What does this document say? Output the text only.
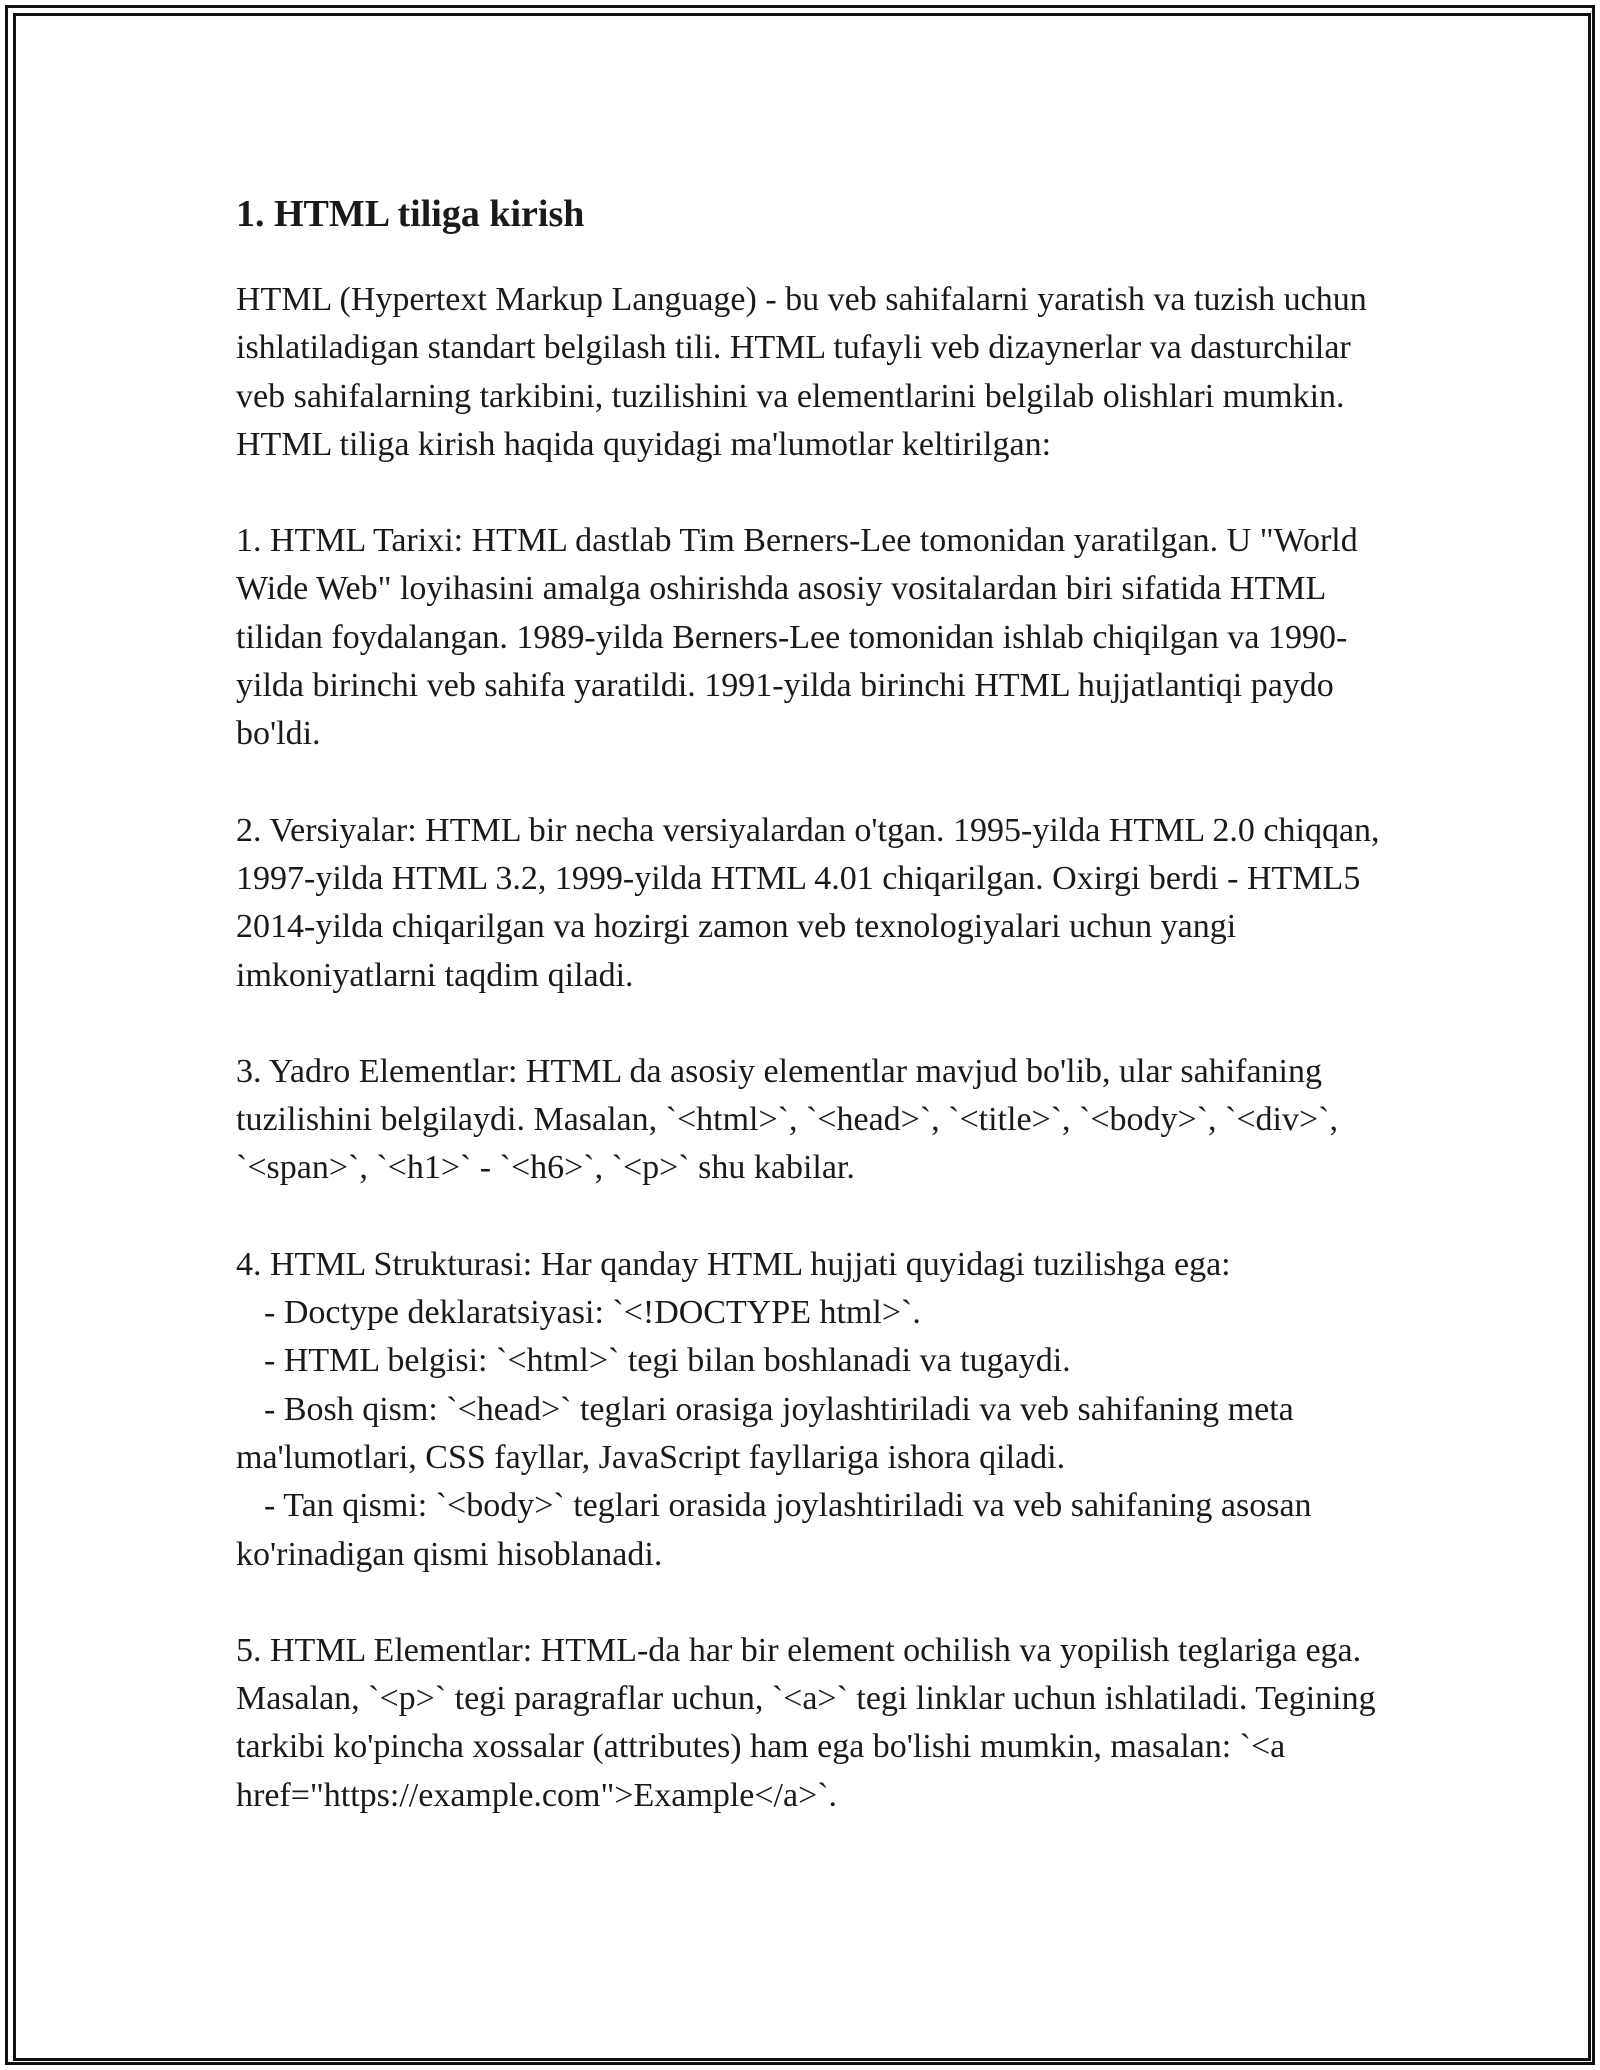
1. HTML tiliga kirish

HTML (Hypertext Markup Language) - bu veb sahifalarni yaratish va tuzish uchun ishlatiladigan standart belgilash tili. HTML tufayli veb dizaynerlar va dasturchilar veb sahifalarning tarkibini, tuzilishini va elementlarini belgilab olishlari mumkin. HTML tiliga kirish haqida quyidagi ma'lumotlar keltirilgan:

1. HTML Tarixi: HTML dastlab Tim Berners-Lee tomonidan yaratilgan. U "World Wide Web" loyihasini amalga oshirishda asosiy vositalardan biri sifatida HTML tilidan foydalangan. 1989-yilda Berners-Lee tomonidan ishlab chiqilgan va 1990-yilda birinchi veb sahifa yaratildi. 1991-yilda birinchi HTML hujjatlantiqi paydo bo'ldi.

2. Versiyalar: HTML bir necha versiyalardan o'tgan. 1995-yilda HTML 2.0 chiqqan, 1997-yilda HTML 3.2, 1999-yilda HTML 4.01 chiqarilgan. Oxirgi berdi - HTML5 2014-yilda chiqarilgan va hozirgi zamon veb texnologiyalari uchun yangi imkoniyatlarni taqdim qiladi.

3. Yadro Elementlar: HTML da asosiy elementlar mavjud bo'lib, ular sahifaning tuzilishini belgilaydi. Masalan, `<html>`, `<head>`, `<title>`, `<body>`, `<div>`, `<span>`, `<h1>` - `<h6>`, `<p>` shu kabilar.

4. HTML Strukturasi: Har qanday HTML hujjati quyidagi tuzilishga ega:

- Doctype deklaratsiyasi: `<!DOCTYPE html>`.

- HTML belgisi: `<html>` tegi bilan boshlanadi va tugaydi.

- Bosh qism: `<head>` teglari orasiga joylashtiriladi va veb sahifaning meta ma'lumotlari, CSS fayllar, JavaScript fayllariga ishora qiladi.

- Tan qismi: `<body>` teglari orasida joylashtiriladi va veb sahifaning asosan ko'rinadigan qismi hisoblanadi.

5. HTML Elementlar: HTML-da har bir element ochilish va yopilish teglariga ega. Masalan, `<p>` tegi paragraflar uchun, `<a>` tegi linklar uchun ishlatiladi. Tegining tarkibi ko'pincha xossalar (attributes) ham ega bo'lishi mumkin, masalan: `<a href="https://example.com">Example</a>`.
